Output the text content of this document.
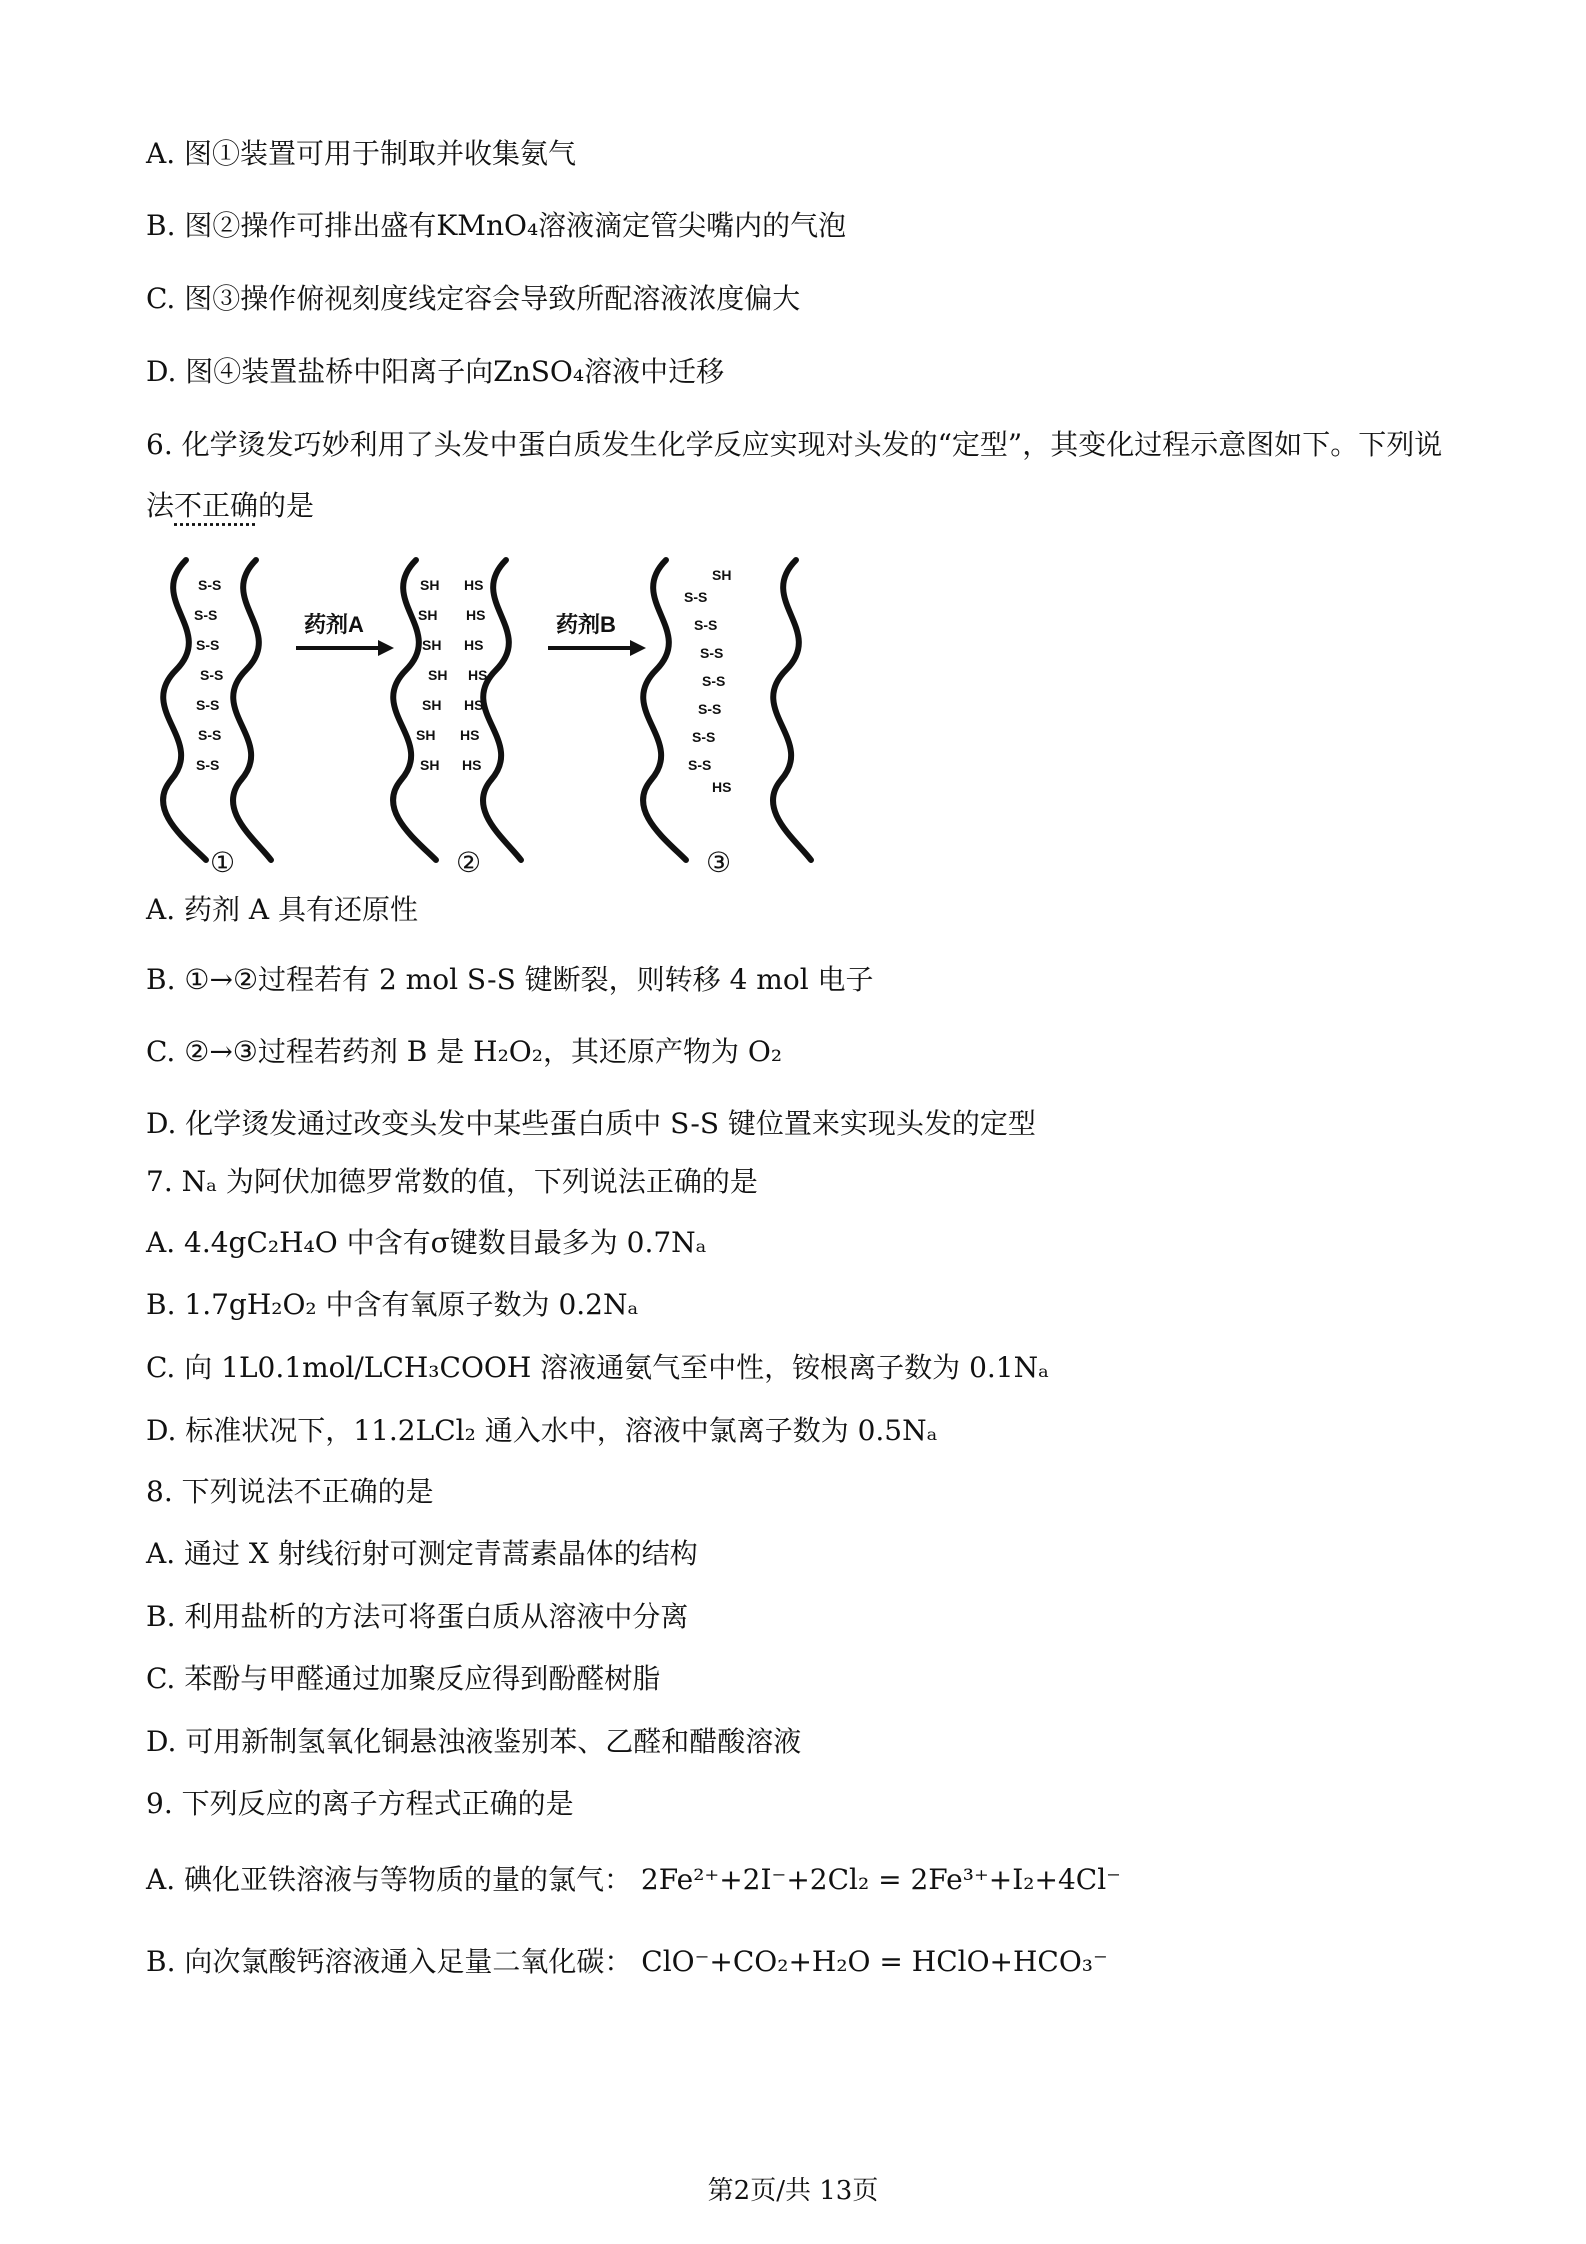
A. 图①装置可用于制取并收集氨气
B. 图②操作可排出盛有KMnO₄溶液滴定管尖嘴内的气泡
C. 图③操作俯视刻度线定容会导致所配溶液浓度偏大
D. 图④装置盐桥中阳离子向ZnSO₄溶液中迁移
6. 化学烫发巧妙利用了头发中蛋白质发生化学反应实现对头发的“定型”，其变化过程示意图如下。下列说
法不正确的是
S-S
S-S
S-S
S-S
S-S
S-S
S-S
SH HS
SH HS
SH HS
SH HS
SH HS
SH HS
SH HS
SH
S-S
S-S
S-S
S-S
S-S
S-S
S-S
HS
药剂A	药剂B
①	②	③
A. 药剂 A 具有还原性
B. ①→②过程若有 2 mol S-S 键断裂，则转移 4 mol 电子
C. ②→③过程若药剂 B 是 H₂O₂，其还原产物为 O₂
D. 化学烫发通过改变头发中某些蛋白质中 S-S 键位置来实现头发的定型
7. Nₐ 为阿伏加德罗常数的值，下列说法正确的是
A. 4.4gC₂H₄O 中含有σ键数目最多为 0.7Nₐ
B. 1.7gH₂O₂ 中含有氧原子数为 0.2Nₐ
C. 向 1L0.1mol/LCH₃COOH 溶液通氨气至中性，铵根离子数为 0.1Nₐ
D. 标准状况下，11.2LCl₂ 通入水中，溶液中氯离子数为 0.5Nₐ
8. 下列说法不正确的是
A. 通过 X 射线衍射可测定青蒿素晶体的结构
B. 利用盐析的方法可将蛋白质从溶液中分离
C. 苯酚与甲醛通过加聚反应得到酚醛树脂
D. 可用新制氢氧化铜悬浊液鉴别苯、乙醛和醋酸溶液
9. 下列反应的离子方程式正确的是
A. 碘化亚铁溶液与等物质的量的氯气： 2Fe²⁺+2I⁻+2Cl₂ = 2Fe³⁺+I₂+4Cl⁻
B. 向次氯酸钙溶液通入足量二氧化碳： ClO⁻+CO₂+H₂O = HClO+HCO₃⁻
第2页/共 13页
